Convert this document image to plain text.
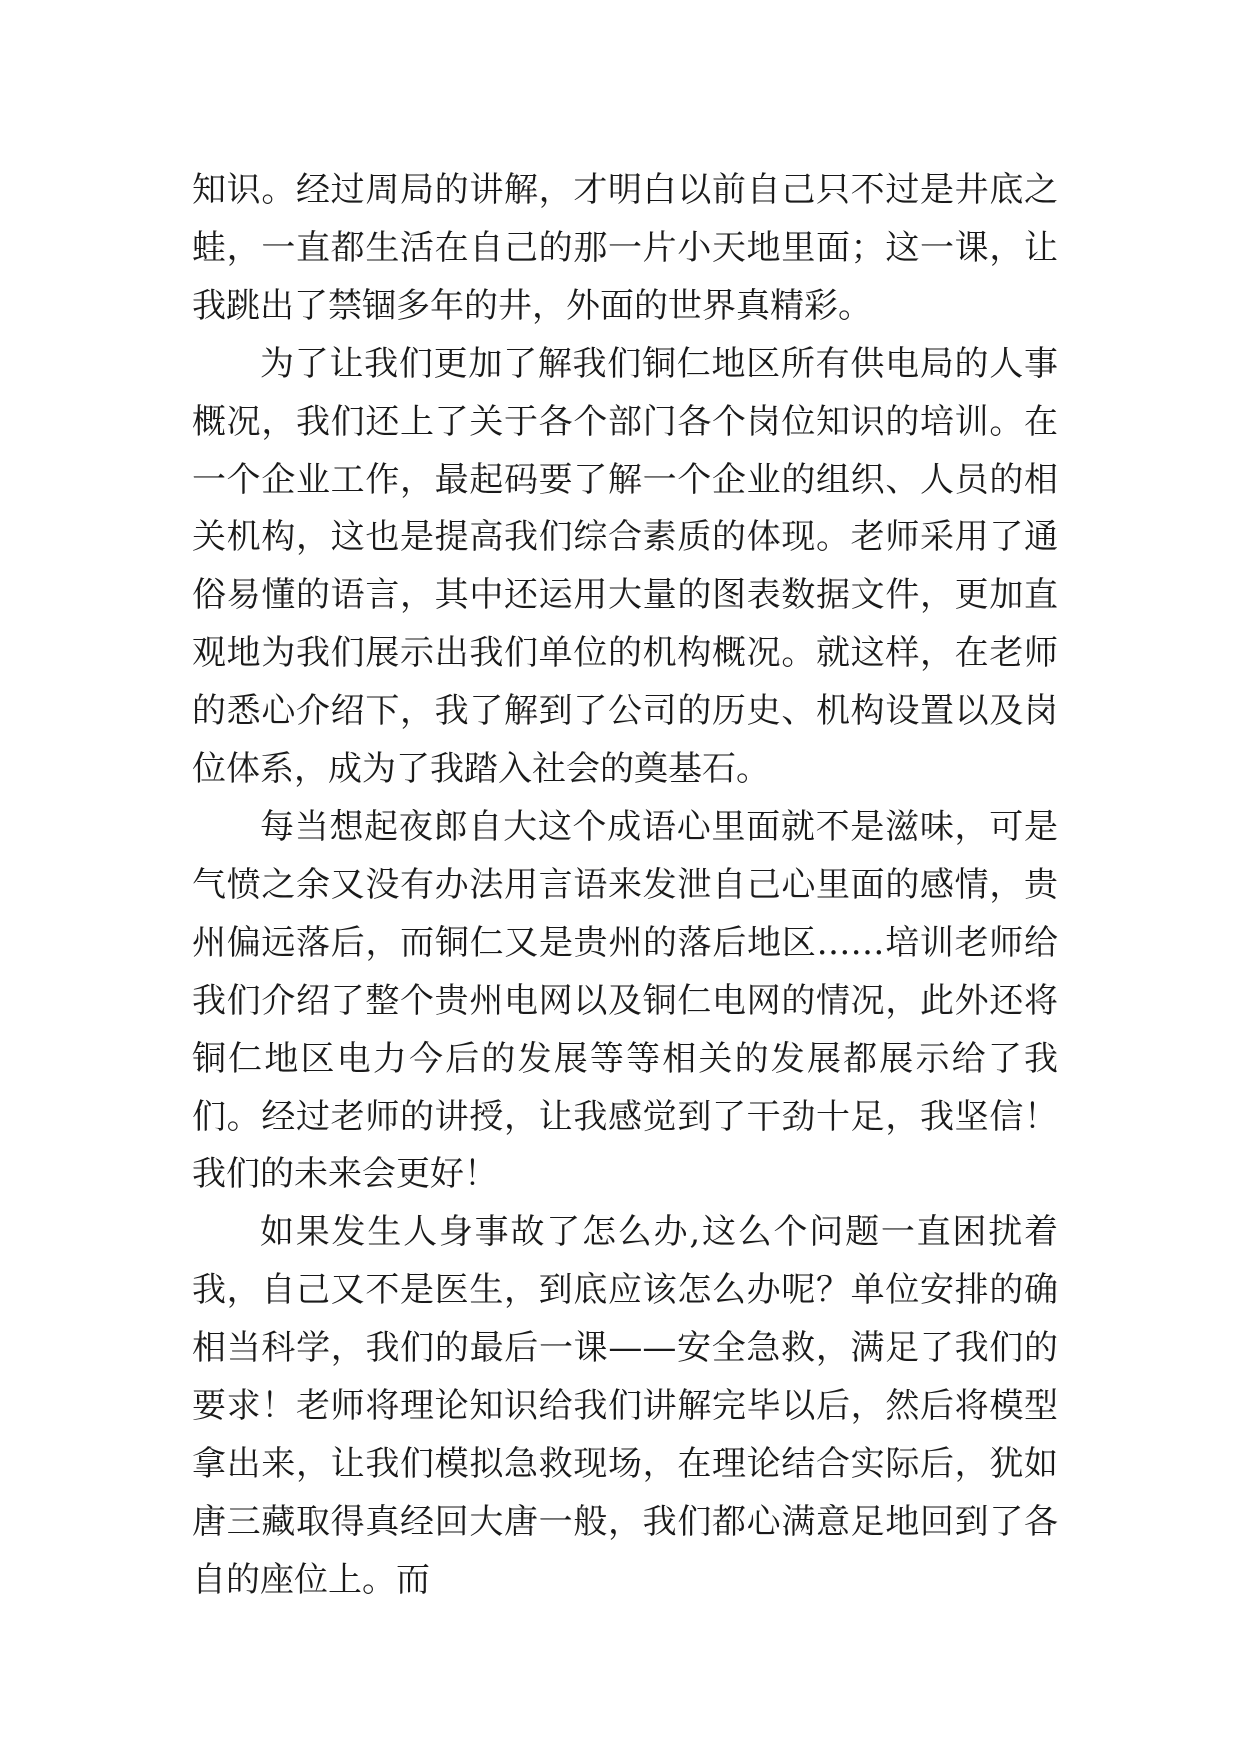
知识。经过周局的讲解，才明白以前自己只不过是井底之蛙，一直都生活在自己的那一片小天地里面；这一课，让我跳出了禁锢多年的井，外面的世界真精彩。

为了让我们更加了解我们铜仁地区所有供电局的人事概况，我们还上了关于各个部门各个岗位知识的培训。在一个企业工作，最起码要了解一个企业的组织、人员的相关机构，这也是提高我们综合素质的体现。老师采用了通俗易懂的语言，其中还运用大量的图表数据文件，更加直观地为我们展示出我们单位的机构概况。就这样，在老师的悉心介绍下，我了解到了公司的历史、机构设置以及岗位体系，成为了我踏入社会的奠基石。

每当想起夜郎自大这个成语心里面就不是滋味，可是气愤之余又没有办法用言语来发泄自己心里面的感情，贵州偏远落后，而铜仁又是贵州的落后地区……培训老师给我们介绍了整个贵州电网以及铜仁电网的情况，此外还将铜仁地区电力今后的发展等等相关的发展都展示给了我们。经过老师的讲授，让我感觉到了干劲十足，我坚信！我们的未来会更好！

如果发生人身事故了怎么办,这么个问题一直困扰着我，自己又不是医生，到底应该怎么办呢？单位安排的确相当科学，我们的最后一课——安全急救，满足了我们的要求！老师将理论知识给我们讲解完毕以后，然后将模型拿出来，让我们模拟急救现场，在理论结合实际后，犹如唐三藏取得真经回大唐一般，我们都心满意足地回到了各自的座位上。而
